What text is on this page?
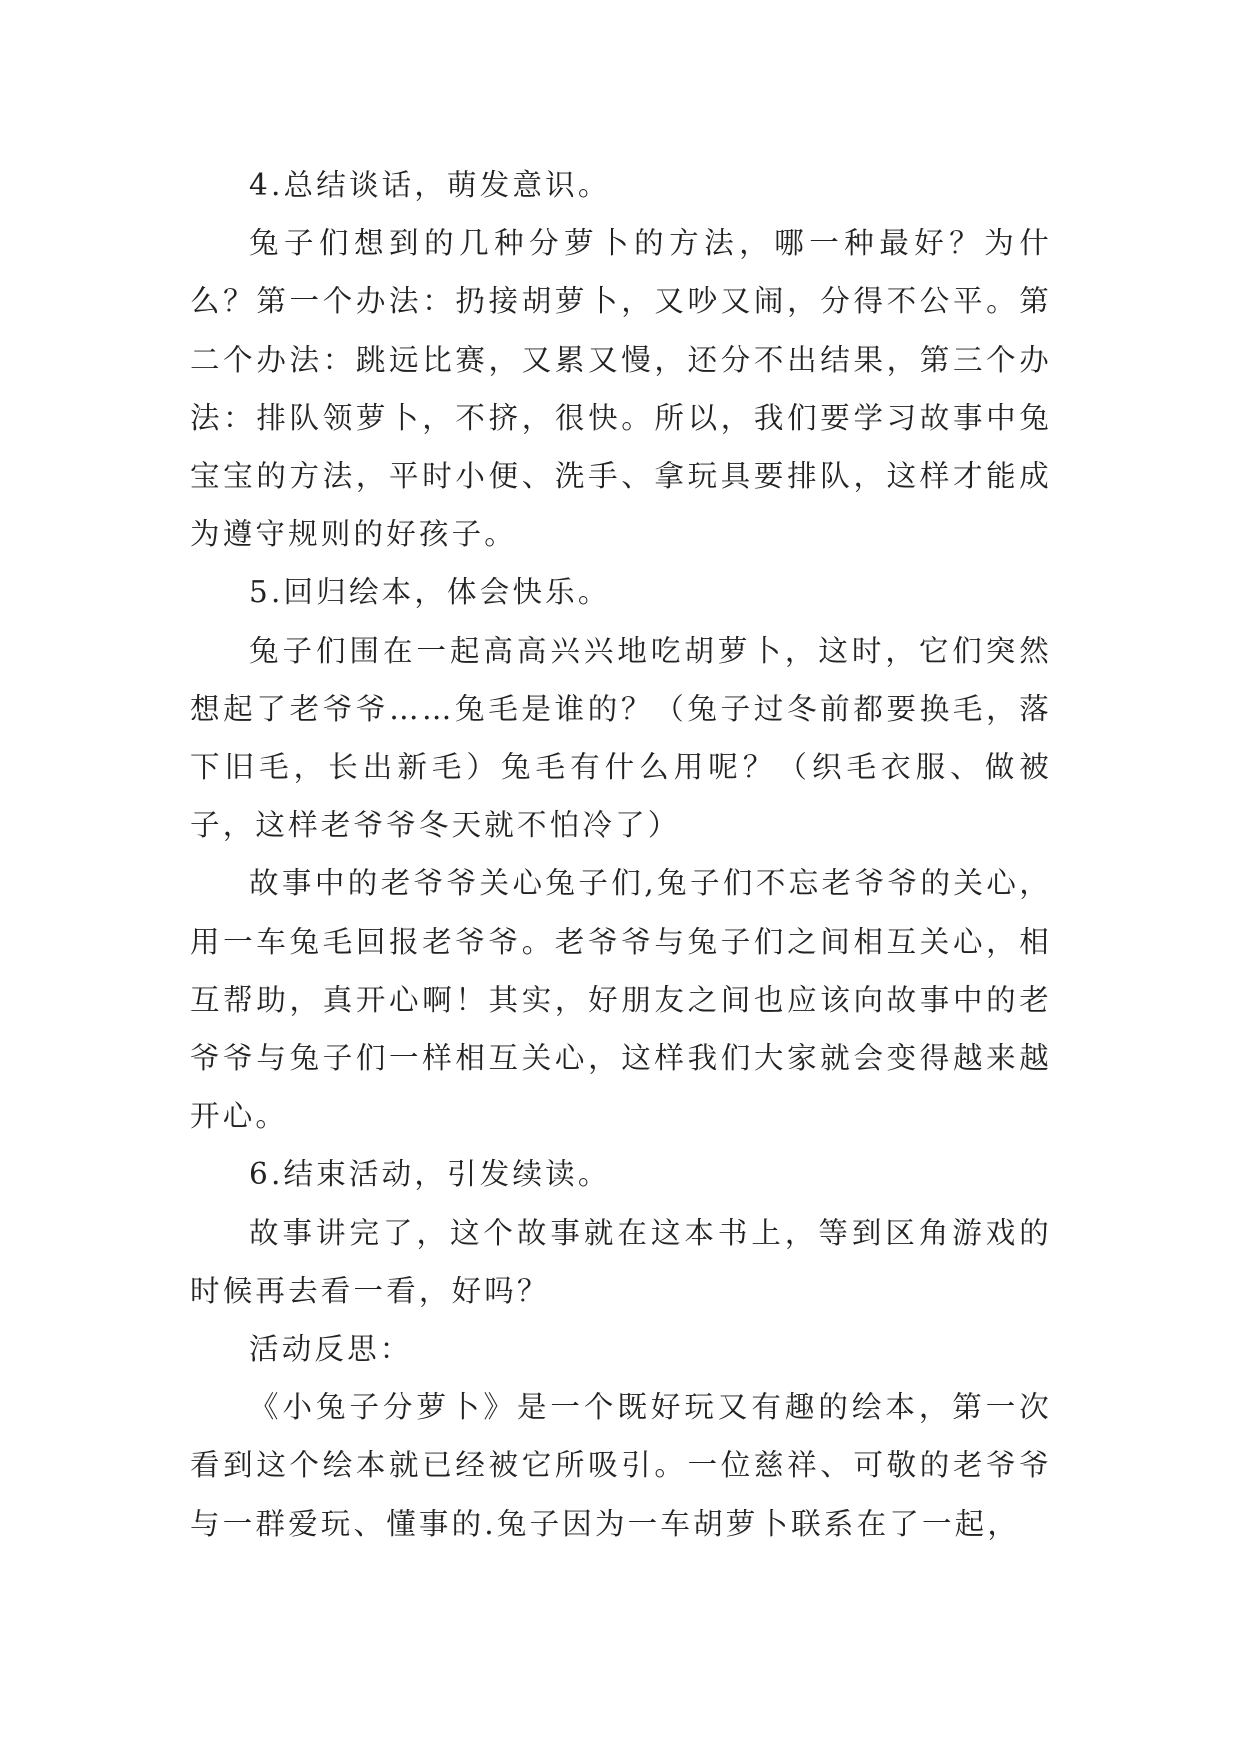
4.总结谈话，萌发意识。

兔子们想到的几种分萝卜的方法，哪一种最好？为什么？第一个办法：扔接胡萝卜，又吵又闹，分得不公平。第二个办法：跳远比赛，又累又慢，还分不出结果，第三个办法：排队领萝卜，不挤，很快。所以，我们要学习故事中兔宝宝的方法，平时小便、洗手、拿玩具要排队，这样才能成为遵守规则的好孩子。

5.回归绘本，体会快乐。

兔子们围在一起高高兴兴地吃胡萝卜，这时，它们突然想起了老爷爷……兔毛是谁的？（兔子过冬前都要换毛，落下旧毛，长出新毛）兔毛有什么用呢？（织毛衣服、做被子，这样老爷爷冬天就不怕冷了）

故事中的老爷爷关心兔子们,兔子们不忘老爷爷的关心，用一车兔毛回报老爷爷。老爷爷与兔子们之间相互关心，相互帮助，真开心啊！其实，好朋友之间也应该向故事中的老爷爷与兔子们一样相互关心，这样我们大家就会变得越来越开心。

6.结束活动，引发续读。

故事讲完了，这个故事就在这本书上，等到区角游戏的时候再去看一看，好吗？

活动反思：

《小兔子分萝卜》是一个既好玩又有趣的绘本，第一次看到这个绘本就已经被它所吸引。一位慈祥、可敬的老爷爷与一群爱玩、懂事的.兔子因为一车胡萝卜联系在了一起，
